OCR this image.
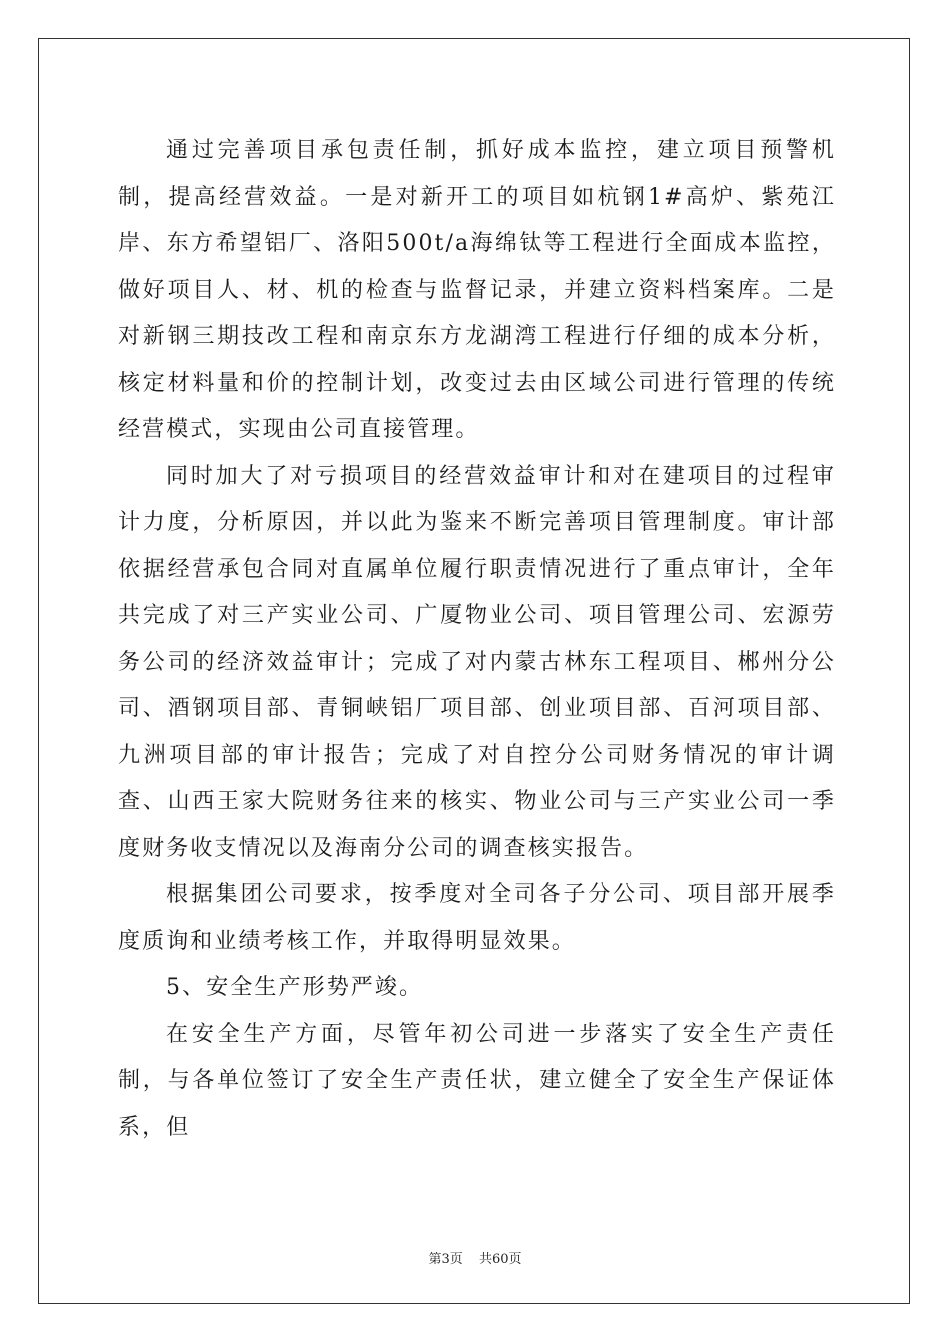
通过完善项目承包责任制，抓好成本监控，建立项目预警机制，提高经营效益。一是对新开工的项目如杭钢1#高炉、紫苑江岸、东方希望铝厂、洛阳500t/a海绵钛等工程进行全面成本监控，做好项目人、材、机的检查与监督记录，并建立资料档案库。二是对新钢三期技改工程和南京东方龙湖湾工程进行仔细的成本分析，核定材料量和价的控制计划，改变过去由区域公司进行管理的传统经营模式，实现由公司直接管理。

同时加大了对亏损项目的经营效益审计和对在建项目的过程审计力度，分析原因，并以此为鉴来不断完善项目管理制度。审计部依据经营承包合同对直属单位履行职责情况进行了重点审计，全年共完成了对三产实业公司、广厦物业公司、项目管理公司、宏源劳务公司的经济效益审计；完成了对内蒙古林东工程项目、郴州分公司、酒钢项目部、青铜峡铝厂项目部、创业项目部、百河项目部、九洲项目部的审计报告；完成了对自控分公司财务情况的审计调查、山西王家大院财务往来的核实、物业公司与三产实业公司一季度财务收支情况以及海南分公司的调查核实报告。

根据集团公司要求，按季度对全司各子分公司、项目部开展季度质询和业绩考核工作，并取得明显效果。

5、安全生产形势严竣。

在安全生产方面，尽管年初公司进一步落实了安全生产责任制，与各单位签订了安全生产责任状，建立健全了安全生产保证体系，但

第3页 共60页
